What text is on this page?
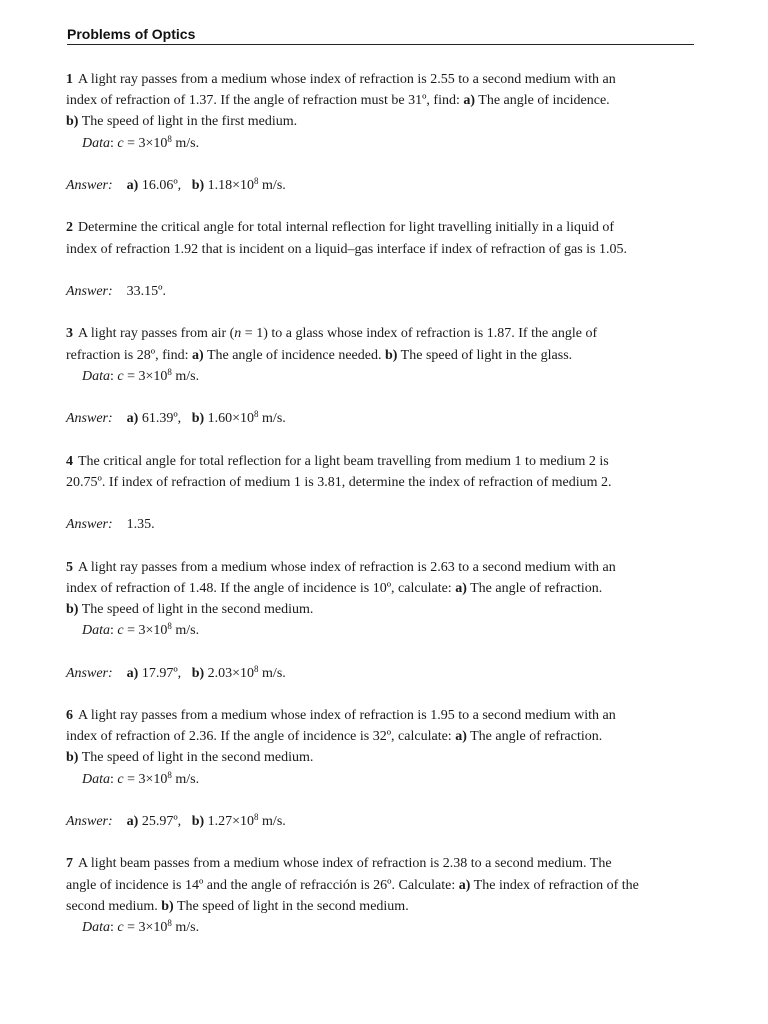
Problems of Optics
1 A light ray passes from a medium whose index of refraction is 2.55 to a second medium with an
index of refraction of 1.37. If the angle of refraction must be 31º, find: a) The angle of incidence.
b) The speed of light in the first medium.
Data: $c = 3\times 10^8$ m/s.
Answer: a) 16.06º, b) $1.18\times 10^8$ m/s.
2 Determine the critical angle for total internal reflection for light travelling initially in a liquid of
index of refraction 1.92 that is incident on a liquid–gas interface if index of refraction of gas is 1.05.
Answer: 33.15º.
3 A light ray passes from air (n = 1) to a glass whose index of refraction is 1.87. If the angle of
refraction is 28º, find: a) The angle of incidence needed. b) The speed of light in the glass.
Data: $c = 3\times 10^8$ m/s.
Answer: a) 61.39º, b) $1.60\times 10^8$ m/s.
4 The critical angle for total reflection for a light beam travelling from medium 1 to medium 2 is
20.75º. If index of refraction of medium 1 is 3.81, determine the index of refraction of medium 2.
Answer: 1.35.
5 A light ray passes from a medium whose index of refraction is 2.63 to a second medium with an
index of refraction of 1.48. If the angle of incidence is 10º, calculate: a) The angle of refraction.
b) The speed of light in the second medium.
Data: $c = 3\times 10^8$ m/s.
Answer: a) 17.97º, b) $2.03\times 10^8$ m/s.
6 A light ray passes from a medium whose index of refraction is 1.95 to a second medium with an
index of refraction of 2.36. If the angle of incidence is 32º, calculate: a) The angle of refraction.
b) The speed of light in the second medium.
Data: $c = 3\times 10^8$ m/s.
Answer: a) 25.97º, b) $1.27\times 10^8$ m/s.
7 A light beam passes from a medium whose index of refraction is 2.38 to a second medium. The
angle of incidence is 14º and the angle of refracción is 26º. Calculate: a) The index of refraction of the
second medium. b) The speed of light in the second medium.
Data: $c = 3\times 10^8$ m/s.
